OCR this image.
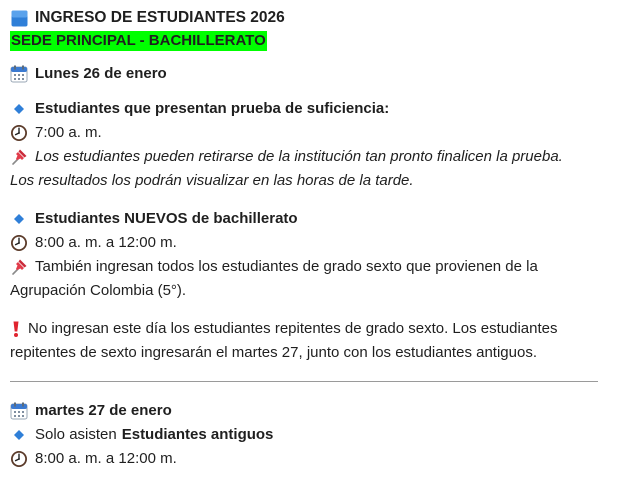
INGRESO DE ESTUDIANTES 2026
SEDE PRINCIPAL - BACHILLERATO
Lunes 26 de enero
Estudiantes que presentan prueba de suficiencia:
7:00 a. m.
Los estudiantes pueden retirarse de la institución tan pronto finalicen la prueba.
Los resultados los podrán visualizar en las horas de la tarde.
Estudiantes NUEVOS de bachillerato
8:00 a. m. a 12:00 m.
También ingresan todos los estudiantes de grado sexto que provienen de la
Agrupación Colombia (5°).
No ingresan este día los estudiantes repitentes de grado sexto. Los estudiantes
repitentes de sexto ingresarán el martes 27, junto con los estudiantes antiguos.
martes 27 de enero
Solo asisten Estudiantes antiguos
8:00 a. m. a 12:00 m.
